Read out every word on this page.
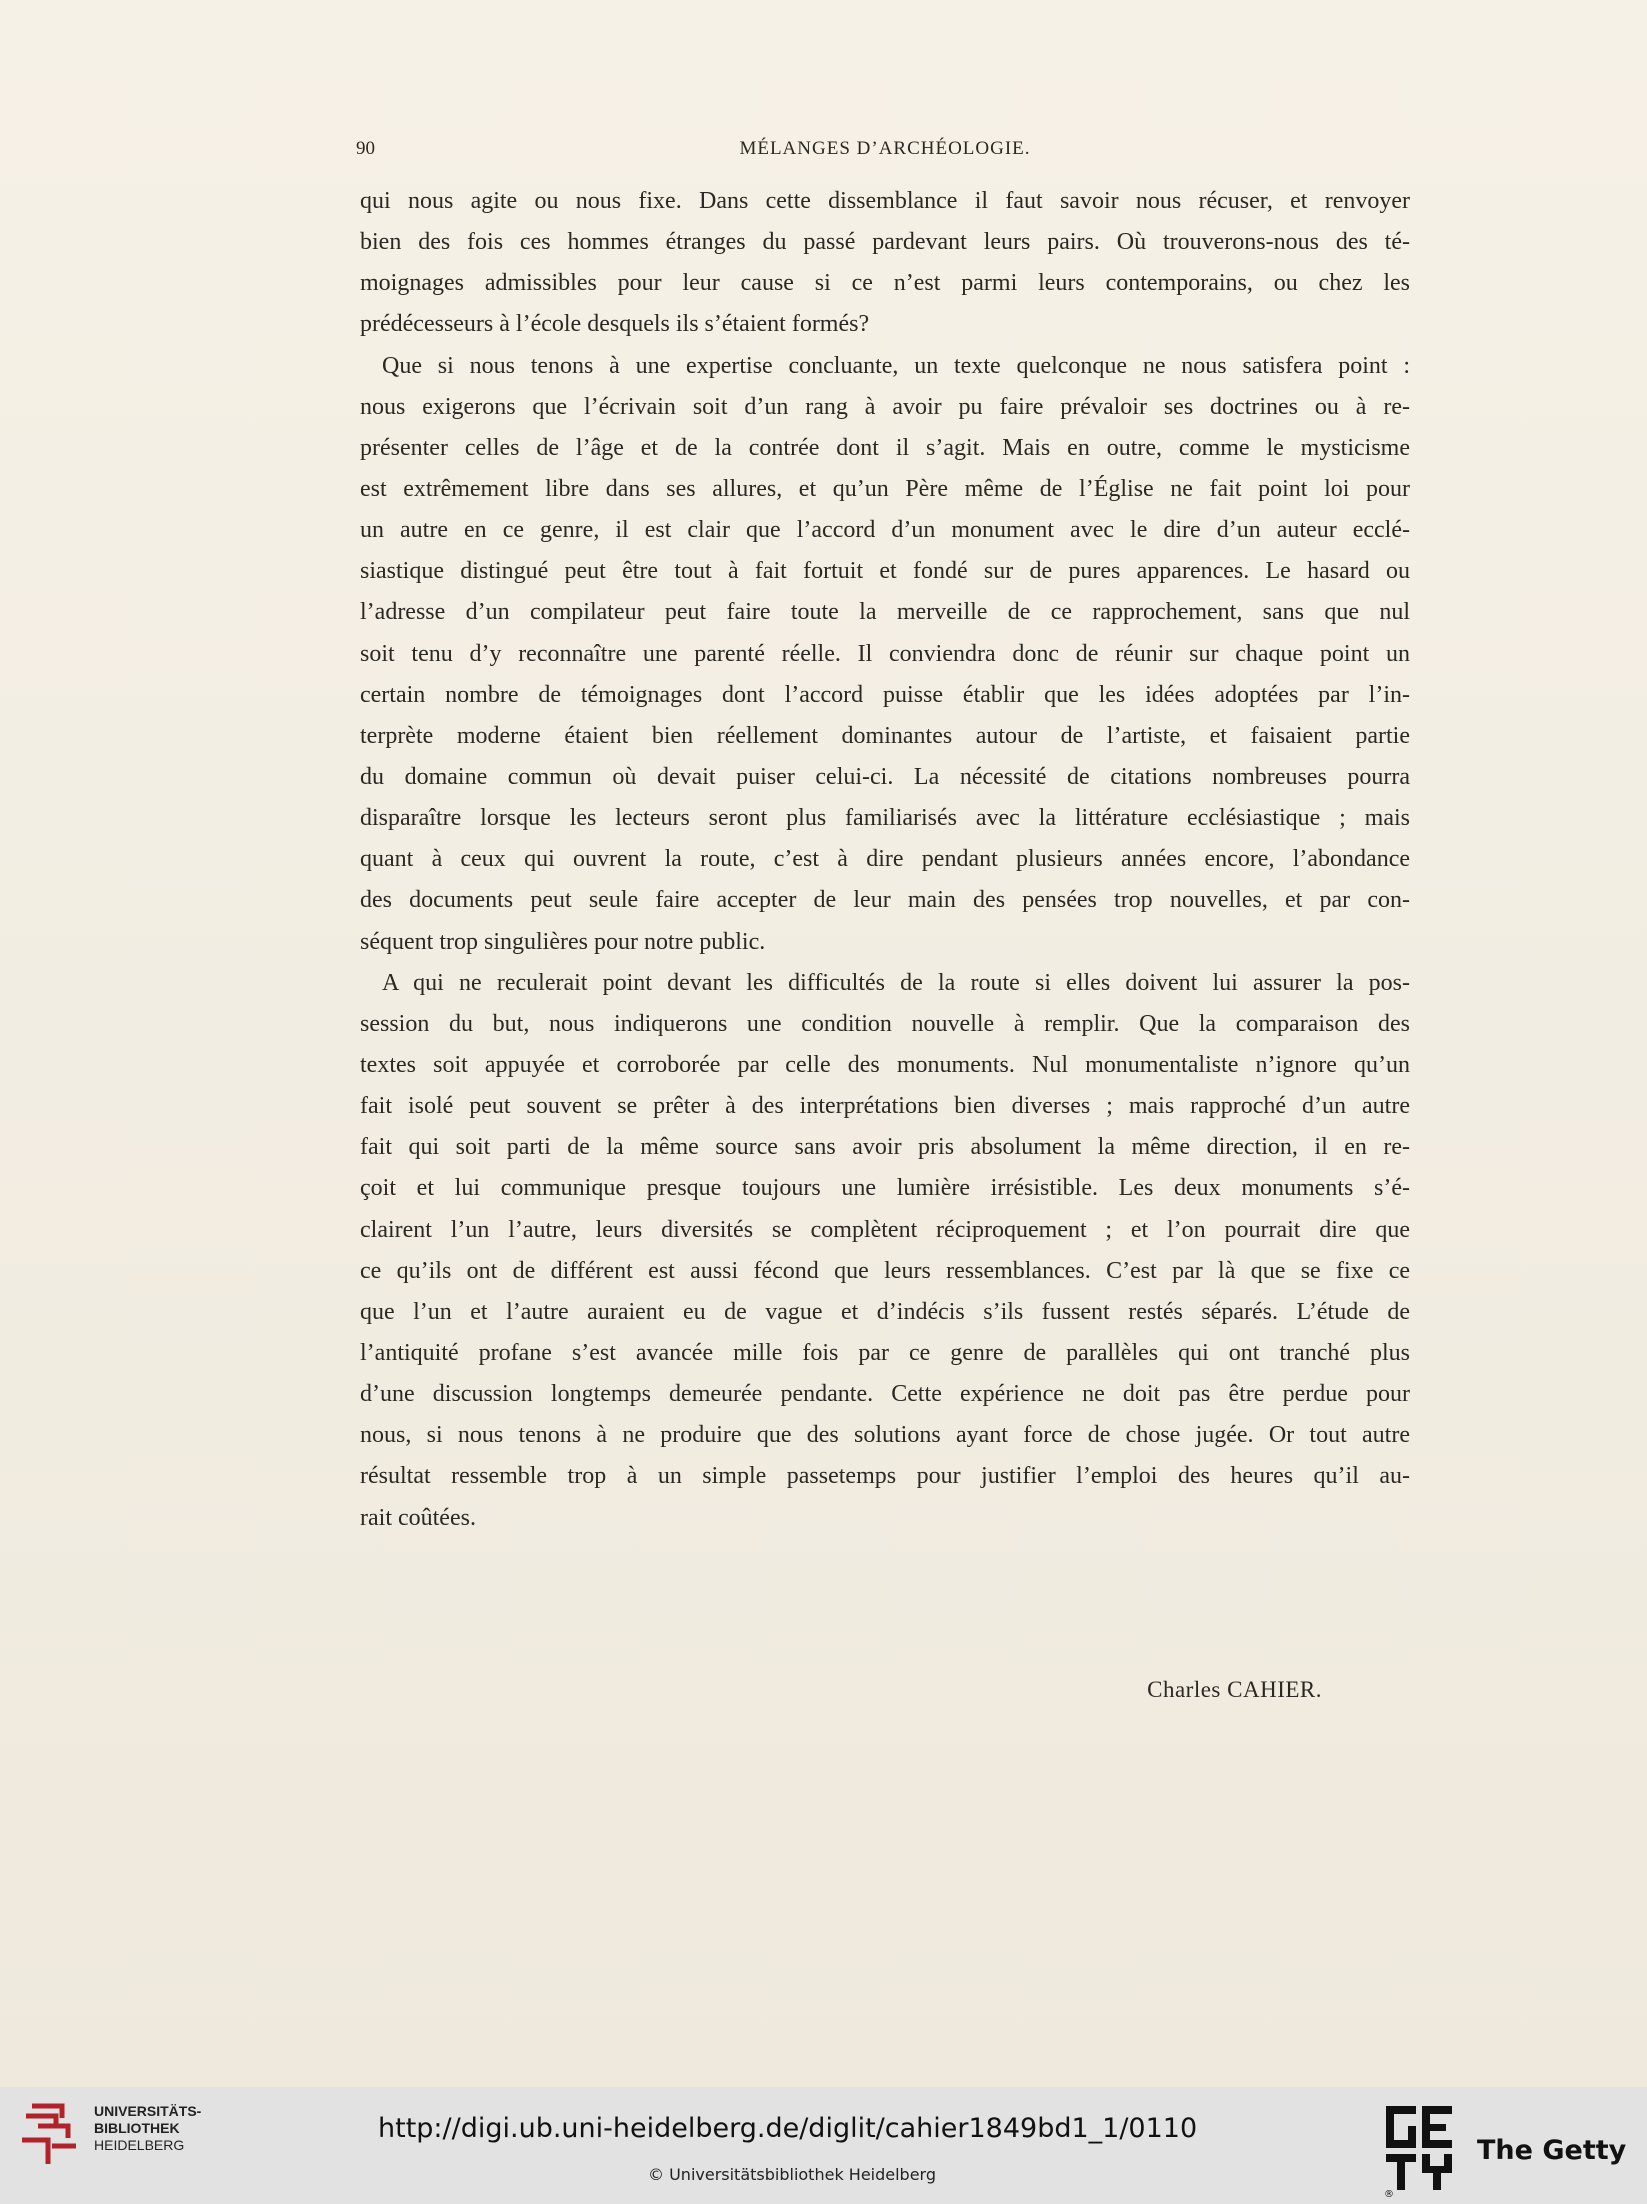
90	MÉLANGES D’ARCHÉOLOGIE.
qui nous agite ou nous fixe. Dans cette dissemblance il faut savoir nous récuser, et renvoyer
bien des fois ces hommes étranges du passé pardevant leurs pairs. Où trouverons-nous des té-
moignages admissibles pour leur cause si ce n’est parmi leurs contemporains, ou chez les
prédécesseurs à l’école desquels ils s’étaient formés?
Que si nous tenons à une expertise concluante, un texte quelconque ne nous satisfera point :
nous exigerons que l’écrivain soit d’un rang à avoir pu faire prévaloir ses doctrines ou à re-
présenter celles de l’âge et de la contrée dont il s’agit. Mais en outre, comme le mysticisme
est extrêmement libre dans ses allures, et qu’un Père même de l’Église ne fait point loi pour
un autre en ce genre, il est clair que l’accord d’un monument avec le dire d’un auteur ecclé-
siastique distingué peut être tout à fait fortuit et fondé sur de pures apparences. Le hasard ou
l’adresse d’un compilateur peut faire toute la merveille de ce rapprochement, sans que nul
soit tenu d’y reconnaître une parenté réelle. Il conviendra donc de réunir sur chaque point un
certain nombre de témoignages dont l’accord puisse établir que les idées adoptées par l’in-
terprète moderne étaient bien réellement dominantes autour de l’artiste, et faisaient partie
du domaine commun où devait puiser celui-ci. La nécessité de citations nombreuses pourra
disparaître lorsque les lecteurs seront plus familiarisés avec la littérature ecclésiastique ; mais
quant à ceux qui ouvrent la route, c’est à dire pendant plusieurs années encore, l’abondance
des documents peut seule faire accepter de leur main des pensées trop nouvelles, et par con-
séquent trop singulières pour notre public.
A qui ne reculerait point devant les difficultés de la route si elles doivent lui assurer la pos-
session du but, nous indiquerons une condition nouvelle à remplir. Que la comparaison des
textes soit appuyée et corroborée par celle des monuments. Nul monumentaliste n’ignore qu’un
fait isolé peut souvent se prêter à des interprétations bien diverses ; mais rapproché d’un autre
fait qui soit parti de la même source sans avoir pris absolument la même direction, il en re-
çoit et lui communique presque toujours une lumière irrésistible. Les deux monuments s’é-
clairent l’un l’autre, leurs diversités se complètent réciproquement ; et l’on pourrait dire que
ce qu’ils ont de différent est aussi fécond que leurs ressemblances. C’est par là que se fixe ce
que l’un et l’autre auraient eu de vague et d’indécis s’ils fussent restés séparés. L’étude de
l’antiquité profane s’est avancée mille fois par ce genre de parallèles qui ont tranché plus
d’une discussion longtemps demeurée pendante. Cette expérience ne doit pas être perdue pour
nous, si nous tenons à ne produire que des solutions ayant force de chose jugée. Or tout autre
résultat ressemble trop à un simple passetemps pour justifier l’emploi des heures qu’il au-
rait coûtées.
Charles CAHIER.
UNIVERSITÄTS-
BIBLIOTHEK
HEIDELBERG
http://digi.ub.uni-heidelberg.de/diglit/cahier1849bd1_1/0110
© Universitätsbibliothek Heidelberg
®
The Getty
